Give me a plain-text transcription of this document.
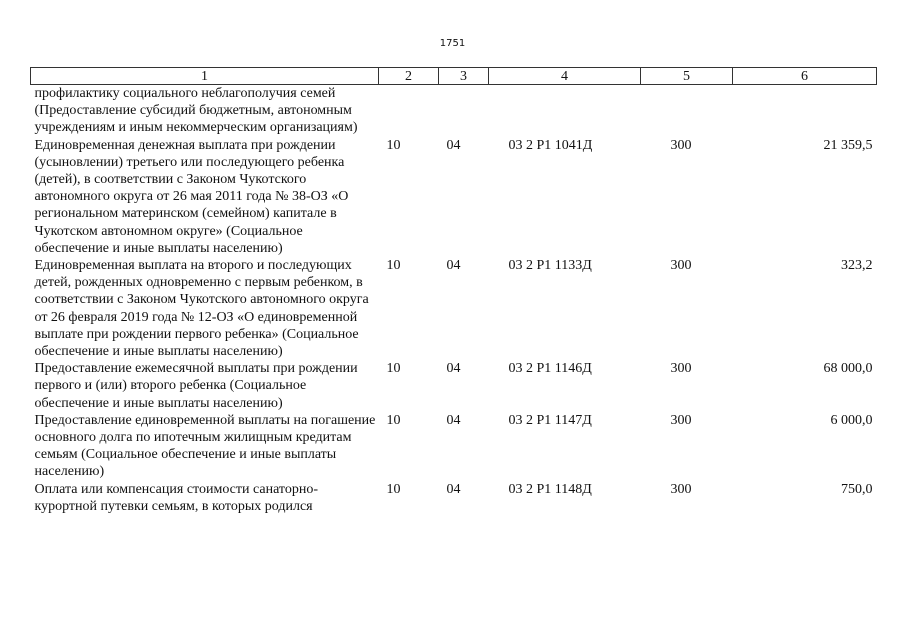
1751
1	2	3	4	5	6
профилактику социального неблагополучия семей (Предоставление субсидий бюджетным, автономным учреждениям и иным некоммерческим организациям)					
Единовременная денежная выплата при рождении (усыновлении) третьего или последующего ребенка (детей), в соответствии с Законом Чукотского автономного округа от 26 мая 2011 года № 38-ОЗ «О региональном материнском (семейном) капитале в Чукотском автономном округе» (Социальное обеспечение и иные выплаты населению)	10	04	03 2 Р1 1041Д	300	21 359,5
Единовременная выплата на второго и последующих детей, рожденных одновременно с первым ребенком, в соответствии с Законом Чукотского автономного округа от 26 февраля 2019 года № 12-ОЗ «О единовременной выплате при рождении первого ребенка» (Социальное обеспечение и иные выплаты населению)	10	04	03 2 Р1 1133Д	300	323,2
Предоставление ежемесячной выплаты при рождении первого и (или) второго ребенка (Социальное обеспечение и иные выплаты населению)	10	04	03 2 Р1 1146Д	300	68 000,0
Предоставление единовременной выплаты на погашение основного долга по ипотечным жилищным кредитам семьям (Социальное обеспечение и иные выплаты населению)	10	04	03 2 Р1 1147Д	300	6 000,0
Оплата или компенсация стоимости санаторно-курортной путевки семьям, в которых родился	10	04	03 2 Р1 1148Д	300	750,0
